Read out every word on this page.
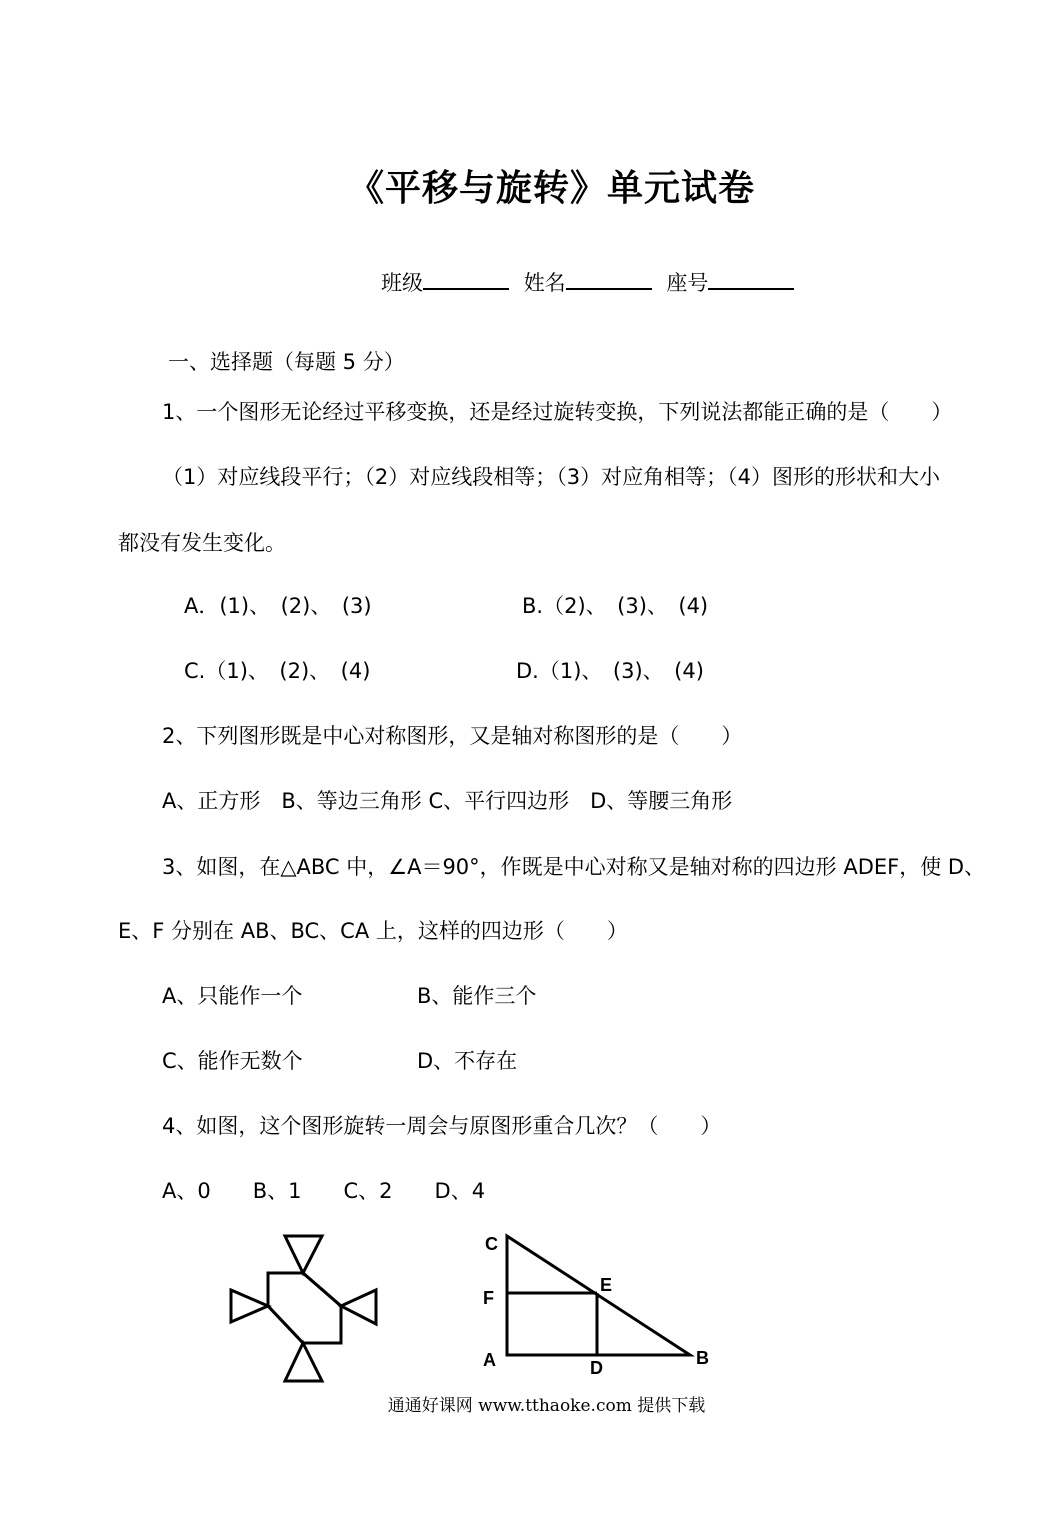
《平移与旋转》单元试卷
班级	姓名	座号
一、选择题（每题 5 分）
1、一个图形无论经过平移变换，还是经过旋转变换，下列说法都能正确的是（　　）
（1）对应线段平行；（2）对应线段相等；（3）对应角相等；（4）图形的形状和大小
都没有发生变化。
A．(1)、　(2)、　(3)	B.（2)、　(3)、　(4)
C.（1)、　(2)、　(4)	D.（1)、　(3)、　(4)
2、下列图形既是中心对称图形，又是轴对称图形的是（　　）
A、正方形　B、等边三角形 C、平行四边形　D、等腰三角形
3、如图，在△ABC 中，∠A＝90°，作既是中心对称又是轴对称的四边形 ADEF，使 D、
E、F 分别在 AB、BC、CA 上，这样的四边形（　　）
A、只能作一个	B、能作三个
C、能作无数个	D、不存在
4、如图，这个图形旋转一周会与原图形重合几次？（　　）
A、0　　B、1　　C、2　　D、4
C
E
F
A	D	B
通通好课网 www.tthaoke.com 提供下载
